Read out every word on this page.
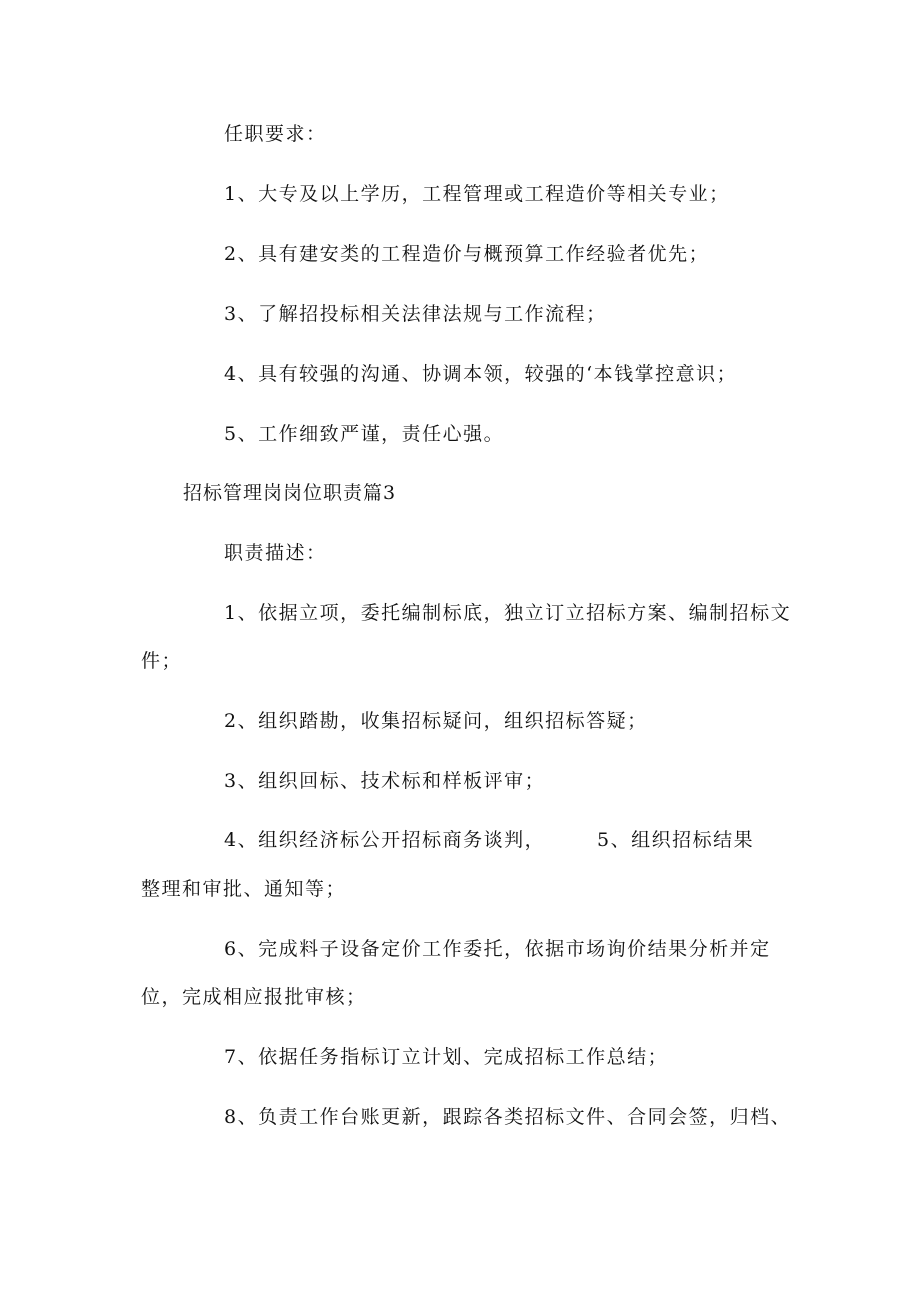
任职要求：

1、大专及以上学历，工程管理或工程造价等相关专业；

2、具有建安类的工程造价与概预算工作经验者优先；

3、了解招投标相关法律法规与工作流程；

4、具有较强的沟通、协调本领，较强的‘本钱掌控意识；

5、工作细致严谨，责任心强。

招标管理岗岗位职责篇3

职责描述：

1、依据立项，委托编制标底，独立订立招标方案、编制招标文

件；

2、组织踏勘，收集招标疑问，组织招标答疑；

3、组织回标、技术标和样板评审；

4、组织经济标公开招标商务谈判，	5、组织招标结果

整理和审批、通知等；

6、完成料子设备定价工作委托，依据市场询价结果分析并定

位，完成相应报批审核；

7、依据任务指标订立计划、完成招标工作总结；

8、负责工作台账更新，跟踪各类招标文件、合同会签，归档、
